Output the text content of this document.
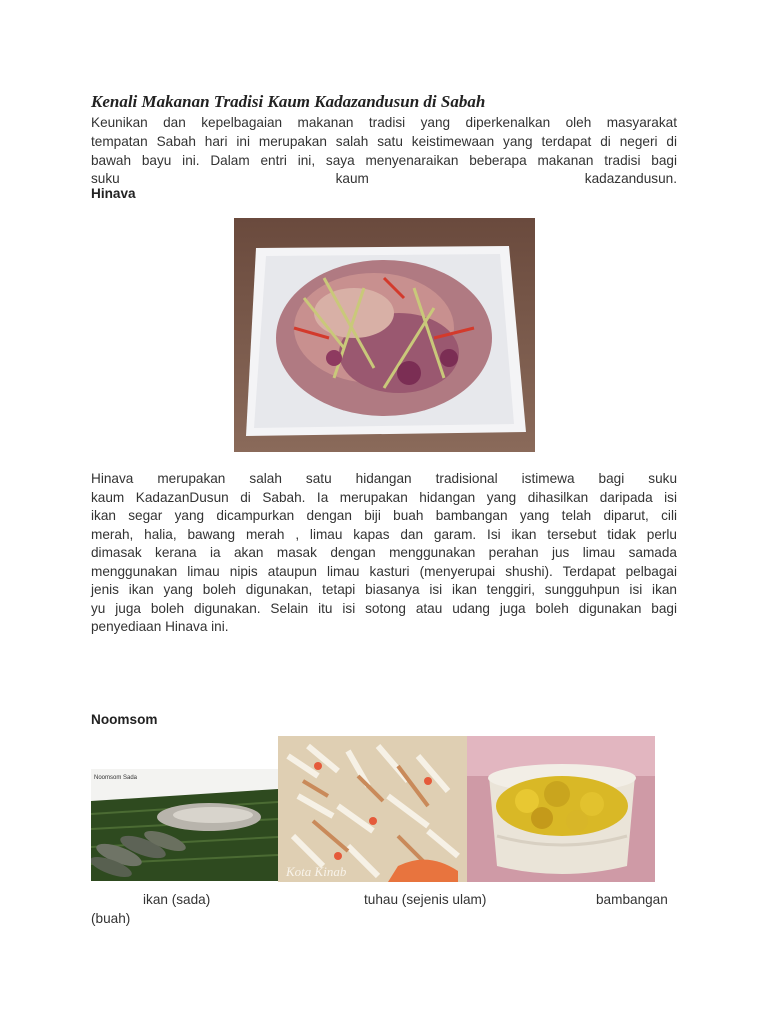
Kenali Makanan Tradisi Kaum Kadazandusun di Sabah

Keunikan dan kepelbagaian makanan tradisi yang diperkenalkan oleh masyarakat

tempatan Sabah hari ini merupakan salah satu keistimewaan yang terdapat di negeri di

bawah bayu ini. Dalam entri ini, saya menyenaraikan beberapa makanan tradisi bagi

suku kaum kadazandusun.

Hinava

Hinava merupakan salah satu hidangan tradisional istimewa bagi suku

kaum KadazanDusun di Sabah. Ia merupakan hidangan yang dihasilkan daripada isi

ikan segar yang dicampurkan dengan biji buah bambangan yang telah diparut, cili

merah, halia, bawang merah , limau kapas dan garam. Isi ikan tersebut tidak perlu

dimasak kerana ia akan masak dengan menggunakan perahan jus limau samada

menggunakan limau nipis ataupun limau kasturi (menyerupai shushi). Terdapat pelbagai

jenis ikan yang boleh digunakan, tetapi biasanya isi ikan tenggiri, sungguhpun isi ikan

yu juga boleh digunakan. Selain itu isi sotong atau udang juga boleh digunakan bagi

penyediaan Hinava ini.

Noomsom
Noomsom Sada
Kota Kinab
ikan (sada)	tuhau (sejenis ulam)	bambangan
(buah)
